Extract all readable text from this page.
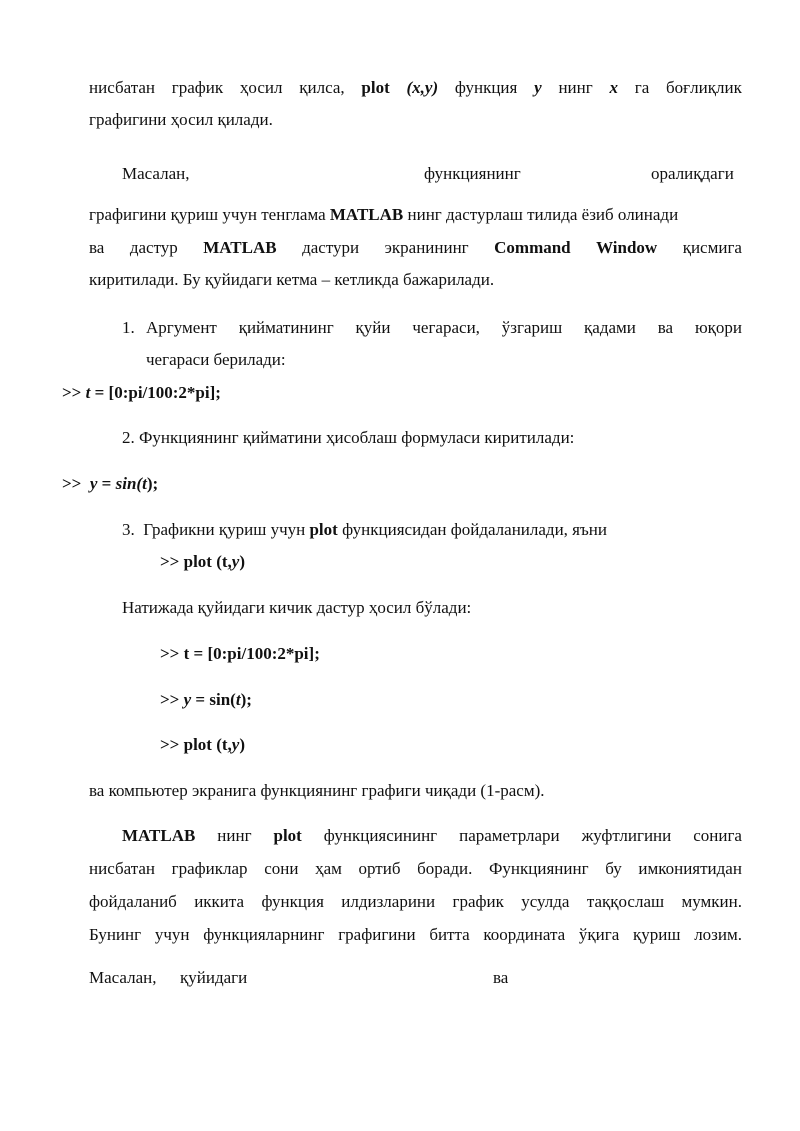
нисбатан график ҳосил қилса, plot (x,y) функция y нинг x га боғлиқлик
графигини ҳосил қилади.
Масалан,	функциянинг	оралиқдаги
графигини қуриш учун тенглама MATLAB нинг дастурлаш тилида ёзиб олинади
ва дастур MATLAB дастури экранининг Command Window қисмига
киритилади. Бу қуйидаги кетма – кетликда бажарилади.
1. Аргумент қийматининг қуйи чегараси, ўзгариш қадами ва юқори
чегараси берилади:
>> t = [0:pi/100:2*pi];
2. Функциянинг қийматини ҳисоблаш формуласи киритилади:
>> y = sin(t);
3.  Графикни қуриш учун plot функциясидан фойдаланилади, яъни
>> plot (t,y)
Натижада қуйидаги кичик дастур ҳосил бўлади:
>> t = [0:pi/100:2*pi];
>> y = sin(t);
>> plot (t,y)
ва компьютер экранига функциянинг графиги чиқади (1-расм).
MATLAB нинг plot функциясининг параметрлари жуфтлигини сонига
нисбатан графиклар сони ҳам ортиб боради. Функциянинг бу имкониятидан
фойдаланиб иккита функция илдизларини график усулда таққослаш мумкин.
Бунинг учун функцияларнинг графигини битта координата ўқига қуриш лозим.
Масалан, қуйидаги	ва
